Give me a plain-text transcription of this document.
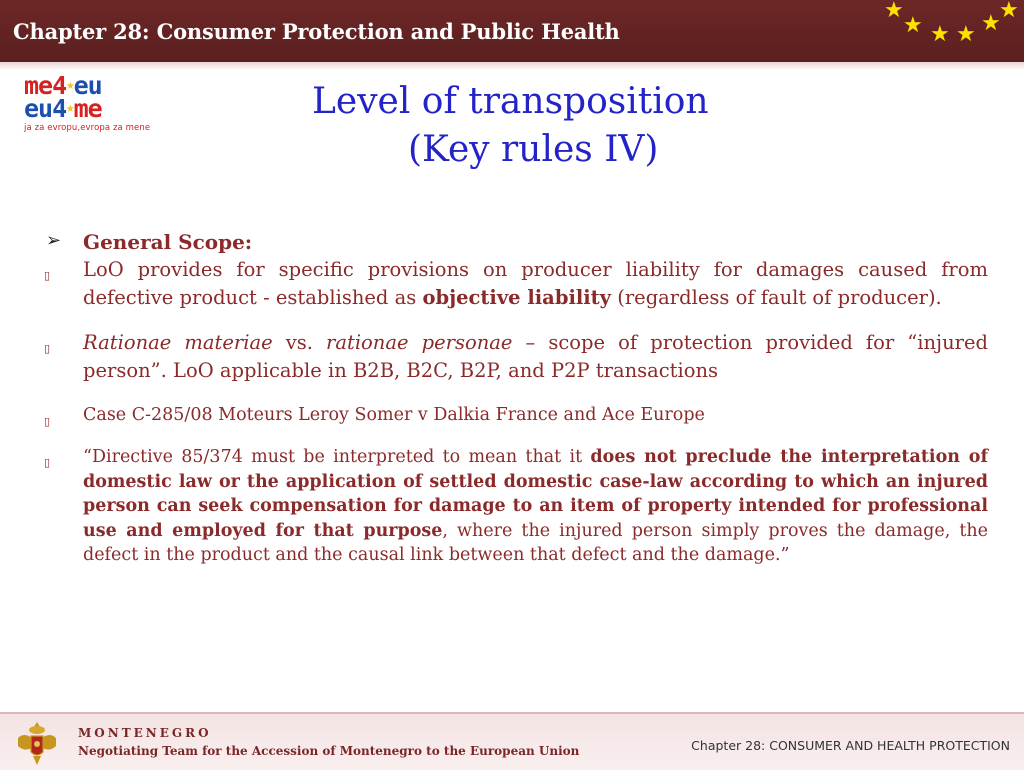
Chapter 28: Consumer Protection and Public Health
★
★ ★ ★ ★
★
me4★eu
eu4★me
ja za evropu,evropa za mene
Level of transposition
(Key rules IV)
➢ General Scope:
▯ LoO provides for specific provisions on producer liability for damages caused from defective product - established as objective liability (regardless of fault of producer).
▯ Rationae materiae vs. rationae personae – scope of protection provided for “injured person”. LoO applicable in B2B, B2C, B2P, and P2P transactions
▯ Case C-285/08 Moteurs Leroy Somer v Dalkia France and Ace Europe
▯ “Directive 85/374 must be interpreted to mean that it does not preclude the interpretation of domestic law or the application of settled domestic case-law according to which an injured person can seek compensation for damage to an item of property intended for professional use and employed for that purpose, where the injured person simply proves the damage, the defect in the product and the causal link between that defect and the damage.”
MONTENEGRO
Negotiating Team for the Accession of Montenegro to the European Union	Chapter 28: CONSUMER AND HEALTH PROTECTION
